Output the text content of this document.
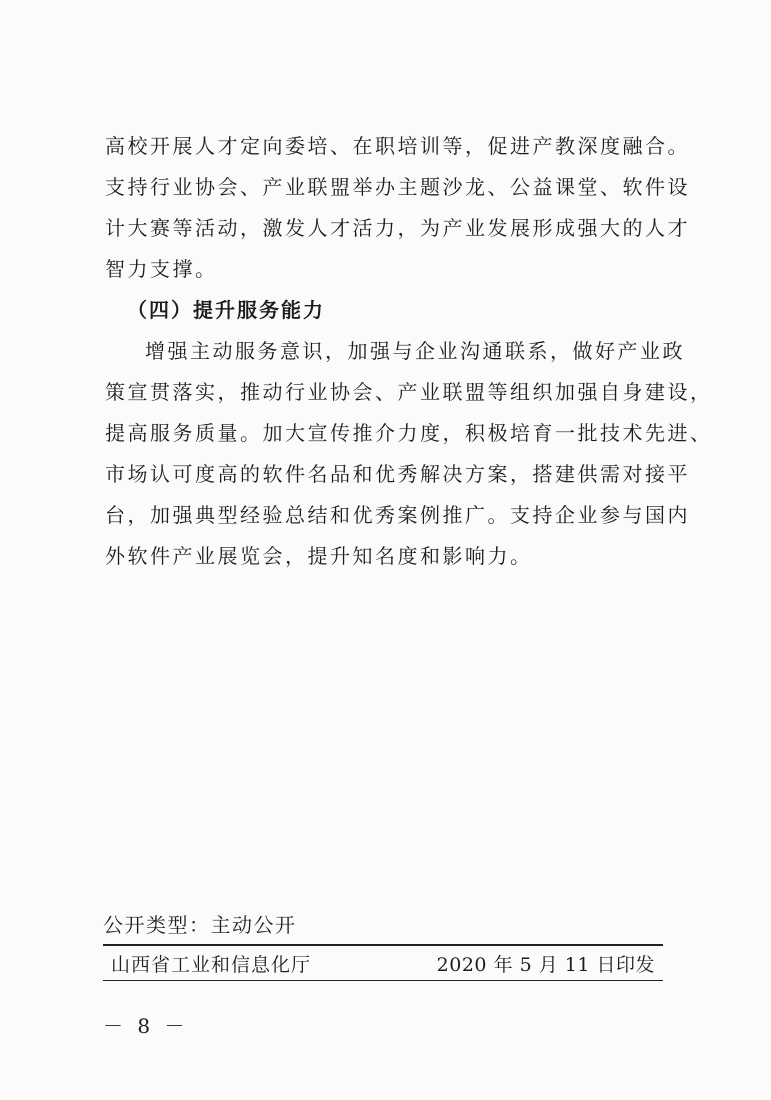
高校开展人才定向委培、在职培训等，促进产教深度融合。
支持行业协会、产业联盟举办主题沙龙、公益课堂、软件设
计大赛等活动，激发人才活力，为产业发展形成强大的人才
智力支撑。
（四）提升服务能力
增强主动服务意识，加强与企业沟通联系，做好产业政
策宣贯落实，推动行业协会、产业联盟等组织加强自身建设，
提高服务质量。加大宣传推介力度，积极培育一批技术先进、
市场认可度高的软件名品和优秀解决方案，搭建供需对接平
台，加强典型经验总结和优秀案例推广。支持企业参与国内
外软件产业展览会，提升知名度和影响力。
公开类型：主动公开
山西省工业和信息化厅	2020 年 5 月 11 日印发
－ 8 －
